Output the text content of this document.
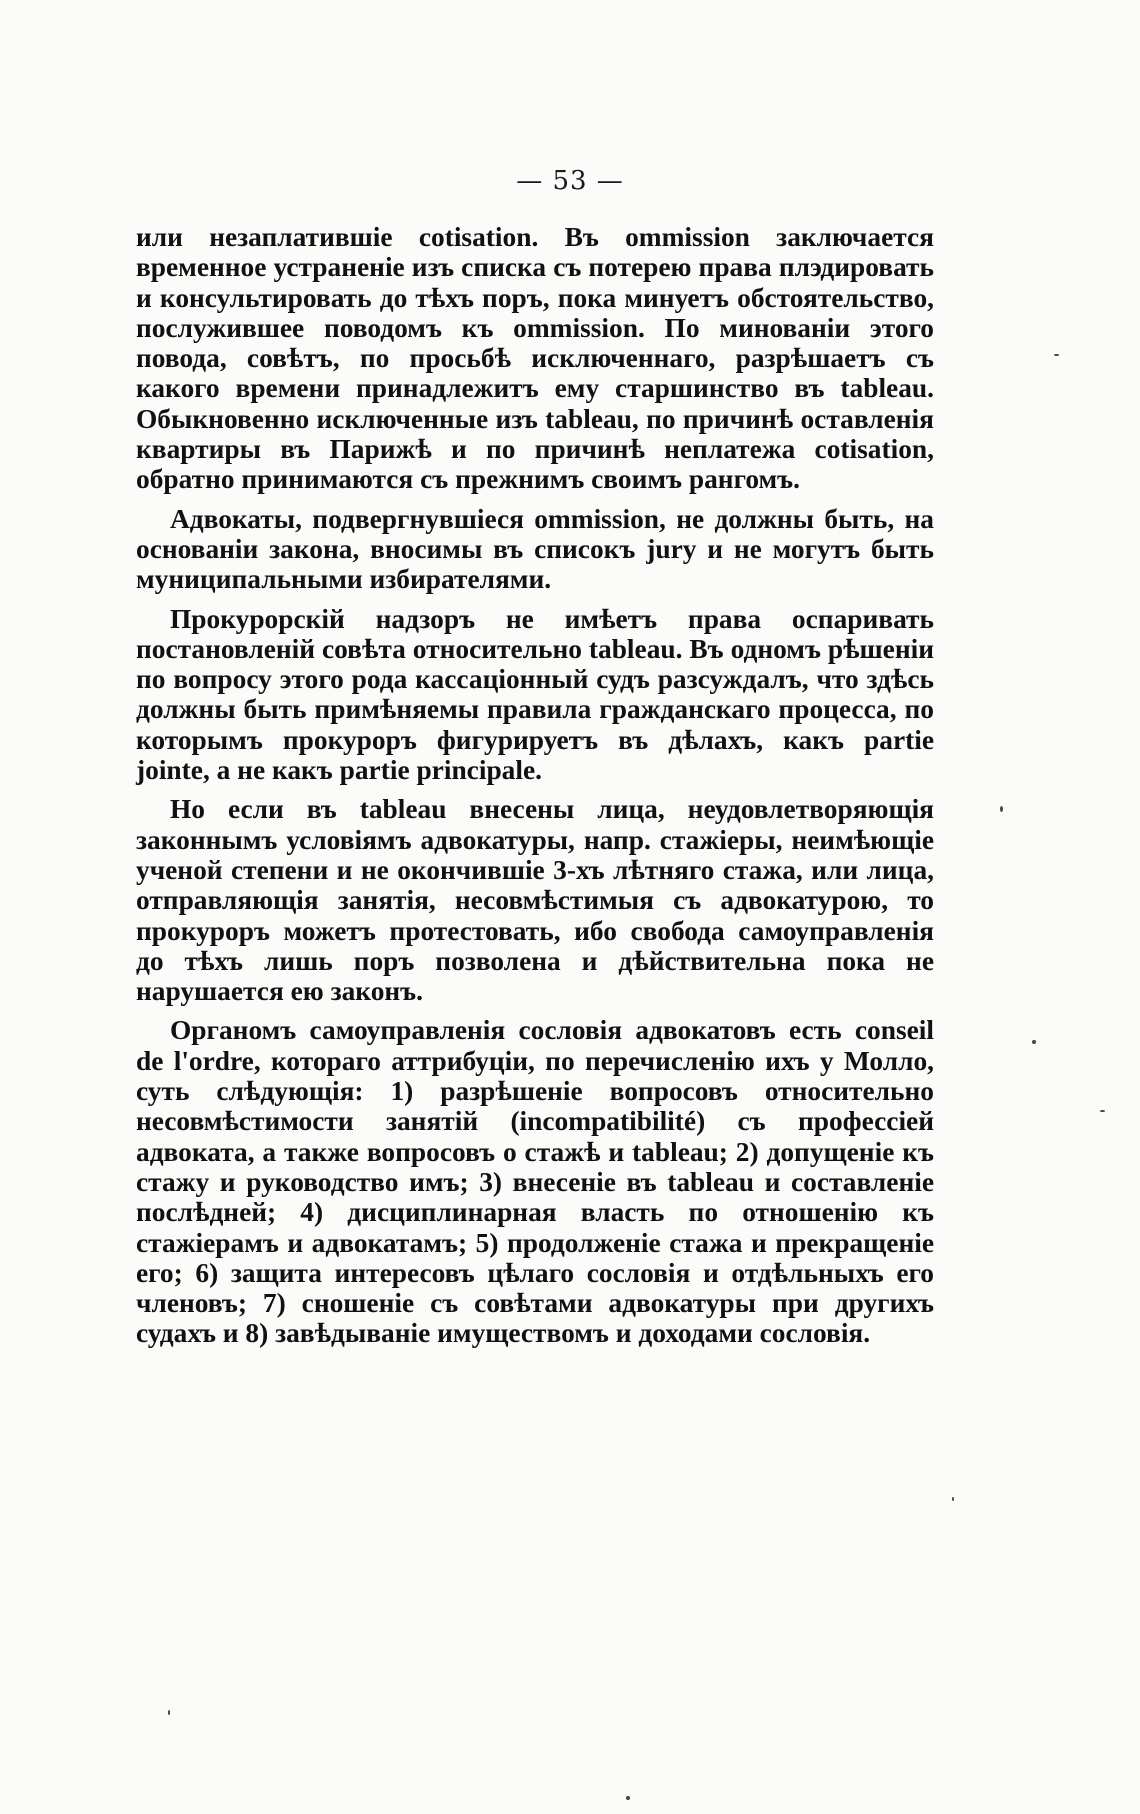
— 53 —

или незаплатившіе cotisation. Въ ommission заключается временное устраненіе изъ списка съ потерею права плэдировать и консультировать до тѣхъ поръ, пока минуетъ обстоятельство, послужившее поводомъ къ ommission. По минованіи этого повода, совѣтъ, по просьбѣ исключеннаго, разрѣшаетъ съ какого времени принадлежитъ ему старшинство въ tableau. Обыкновенно исключенные изъ tableau, по причинѣ оставленія квартиры въ Парижѣ и по причинѣ неплатежа cotisation, обратно принимаются съ прежнимъ своимъ рангомъ.

Адвокаты, подвергнувшіеся ommission, не должны быть, на основаніи закона, вносимы въ списокъ jury и не могутъ быть муниципальными избирателями.

Прокурорскій надзоръ не имѣетъ права оспаривать постановленій совѣта относительно tableau. Въ одномъ рѣшеніи по вопросу этого рода кассаціонный судъ разсуждалъ, что здѣсь должны быть примѣняемы правила гражданскаго процесса, по которымъ прокуроръ фигурируетъ въ дѣлахъ, какъ partie jointe, а не какъ partie principale.

Но если въ tableau внесены лица, неудовлетворяющія законнымъ условіямъ адвокатуры, напр. стажіеры, неимѣющіе ученой степени и не окончившіе 3-хъ лѣтняго стажа, или лица, отправляющія занятія, несовмѣстимыя съ адвокатурою, то прокуроръ можетъ протестовать, ибо свобода самоуправленія до тѣхъ лишь поръ позволена и дѣйствительна пока не нарушается ею законъ.

Органомъ самоуправленія сословія адвокатовъ есть conseil de l'ordre, котораго аттрибуціи, по перечисленію ихъ у Молло, суть слѣдующія: 1) разрѣшеніе вопросовъ относительно несовмѣстимости занятій (incompatibilité) съ профессіей адвоката, а также вопросовъ о стажѣ и tableau; 2) допущеніе къ стажу и руководство имъ; 3) внесеніе въ tableau и составленіе послѣдней; 4) дисциплинарная власть по отношенію къ стажіерамъ и адвокатамъ; 5) продолженіе стажа и прекращеніе его; 6) защита интересовъ цѣлаго сословія и отдѣльныхъ его членовъ; 7) сношеніе съ совѣтами адвокатуры при другихъ судахъ и 8) завѣдываніе имуществомъ и доходами сословія.
